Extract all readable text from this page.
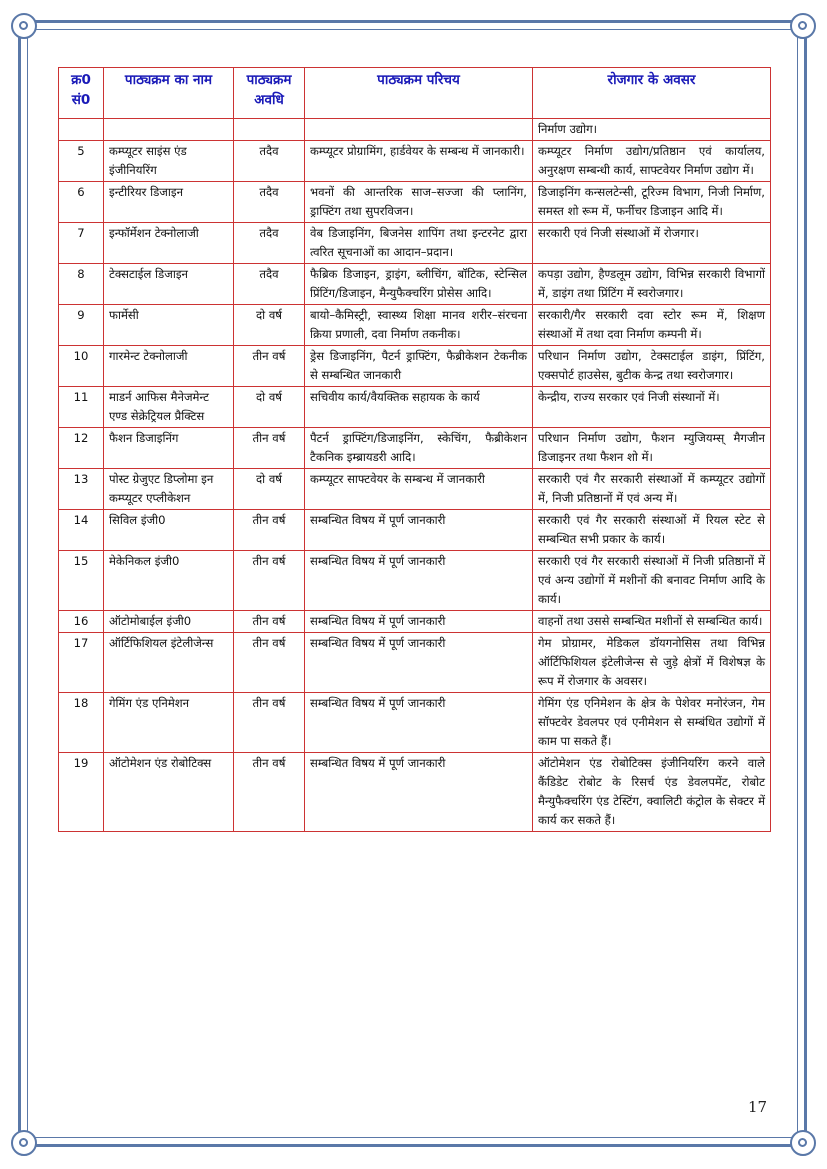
क्र0 सं0	पाठ्यक्रम का नाम	पाठ्यक्रम अवधि	पाठ्यक्रम परिचय	रोजगार के अवसर
				निर्माण उद्योग।
5	कम्प्यूटर साइंस एंड इंजीनियरिंग	तदैव	कम्प्यूटर प्रोग्रामिंग, हार्डवेयर के सम्बन्ध में जानकारी।	कम्प्यूटर निर्माण उद्योग/प्रतिष्ठान एवं कार्यालय, अनुरक्षण सम्बन्धी कार्य, साफ्टवेयर निर्माण उद्योग में।
6	इन्टीरियर डिजाइन	तदैव	भवनों की आन्तरिक साज–सज्जा की प्लानिंग, ड्राफ्टिंग तथा सुपरविजन।	डिजाइनिंग कन्सलटेन्सी, टूरिज्म विभाग, निजी निर्माण, समस्त शो रूम में, फर्नीचर डिजाइन आदि में।
7	इन्फॉर्मेशन टेक्नोलाजी	तदैव	वेब डिजाइनिंग, बिजनेस शापिंग तथा इन्टरनेट द्वारा त्वरित सूचनाओं का आदान–प्रदान।	सरकारी एवं निजी संस्थाओं में रोजगार।
8	टेक्सटाईल डिजाइन	तदैव	फैब्रिक डिजाइन, ड्राइंग, ब्लीचिंग, बॉटिक, स्टेन्सिल प्रिंटिंग/डिजाइन, मैन्युफैक्चरिंग प्रोसेस आदि।	कपड़ा उद्योग, हैण्डलूम उद्योग, विभिन्न सरकारी विभागों में, डाइंग तथा प्रिंटिंग में स्वरोजगार।
9	फार्मेसी	दो वर्ष	बायो–कैमिस्ट्री, स्वास्थ्य शिक्षा मानव शरीर–संरचना क्रिया प्रणाली, दवा निर्माण तकनीक।	सरकारी/गैर सरकारी दवा स्टोर रूम में, शिक्षण संस्थाओं में तथा दवा निर्माण कम्पनी में।
10	गारमेन्ट टेक्नोलाजी	तीन वर्ष	ड्रेस डिजाइनिंग, पैटर्न ड्राफ्टिंग, फैब्रीकेशन टेकनीक से सम्बन्धित जानकारी	परिधान निर्माण उद्योग, टेक्सटाईल डाइंग, प्रिंटिंग, एक्सपोर्ट हाउसेस, बुटीक केन्द्र तथा स्वरोजगार।
11	माडर्न आफिस मैनेजमेन्ट एण्ड सेक्रेट्रियल प्रैक्टिस	दो वर्ष	सचिवीय कार्य/वैयक्तिक सहायक के कार्य	केन्द्रीय, राज्य सरकार एवं निजी संस्थानों में।
12	फैशन डिजाइनिंग	तीन वर्ष	पैटर्न ड्राफ्टिंग/डिजाइनिंग, स्केचिंग, फैब्रीकेशन टैकनिक इम्ब्रायडरी आदि।	परिधान निर्माण उद्योग, फैशन म्युजियम्स् मैगजीन डिजाइनर तथा फैशन शो में।
13	पोस्ट ग्रेजुएट डिप्लोमा इन कम्प्यूटर एप्लीकेशन	दो वर्ष	कम्प्यूटर साफ्टवेयर के सम्बन्ध में जानकारी	सरकारी एवं गैर सरकारी संस्थाओं में कम्प्यूटर उद्योगों में, निजी प्रतिष्ठानों में एवं अन्य में।
14	सिविल इंजी0	तीन वर्ष	सम्बन्धित विषय में पूर्ण जानकारी	सरकारी एवं गैर सरकारी संस्थाओं में रियल स्टेट से सम्बन्धित सभी प्रकार के कार्य।
15	मेकेनिकल इंजी0	तीन वर्ष	सम्बन्धित विषय में पूर्ण जानकारी	सरकारी एवं गैर सरकारी संस्थाओं में निजी प्रतिष्ठानों में एवं अन्य उद्योगों में मशीनों की बनावट निर्माण आदि के कार्य।
16	ऑटोमोबाईल इंजी0	तीन वर्ष	सम्बन्धित विषय में पूर्ण जानकारी	वाहनों तथा उससे सम्बन्धित मशीनों से सम्बन्धित कार्य।
17	ऑर्टिफिशियल इंटेलीजेन्स	तीन वर्ष	सम्बन्धित विषय में पूर्ण जानकारी	गेम प्रोग्रामर, मेडिकल डॉयगनोसिस तथा विभिन्न ऑर्टिफिशियल इंटेलीजेन्स से जुड़े क्षेत्रों में विशेषज्ञ के रूप में रोजगार के अवसर।
18	गेमिंग एंड एनिमेशन	तीन वर्ष	सम्बन्धित विषय में पूर्ण जानकारी	गेमिंग एंड एनिमेशन के क्षेत्र के पेशेवर मनोरंजन, गेम सॉफ्टवेर डेवलपर एवं एनीमेशन से सम्बंधित उद्योगों में काम पा सकते हैं।
19	ऑटोमेशन एंड रोबोटिक्स	तीन वर्ष	सम्बन्धित विषय में पूर्ण जानकारी	ऑटोमेशन एंड रोबोटिक्स इंजीनियरिंग करने वाले कैंडिडेट रोबोट के रिसर्च एंड डेवलपमेंट, रोबोट मैन्युफैक्चरिंग एंड टेस्टिंग, क्वालिटी कंट्रोल के सेक्टर में कार्य कर सकते हैं।
17
